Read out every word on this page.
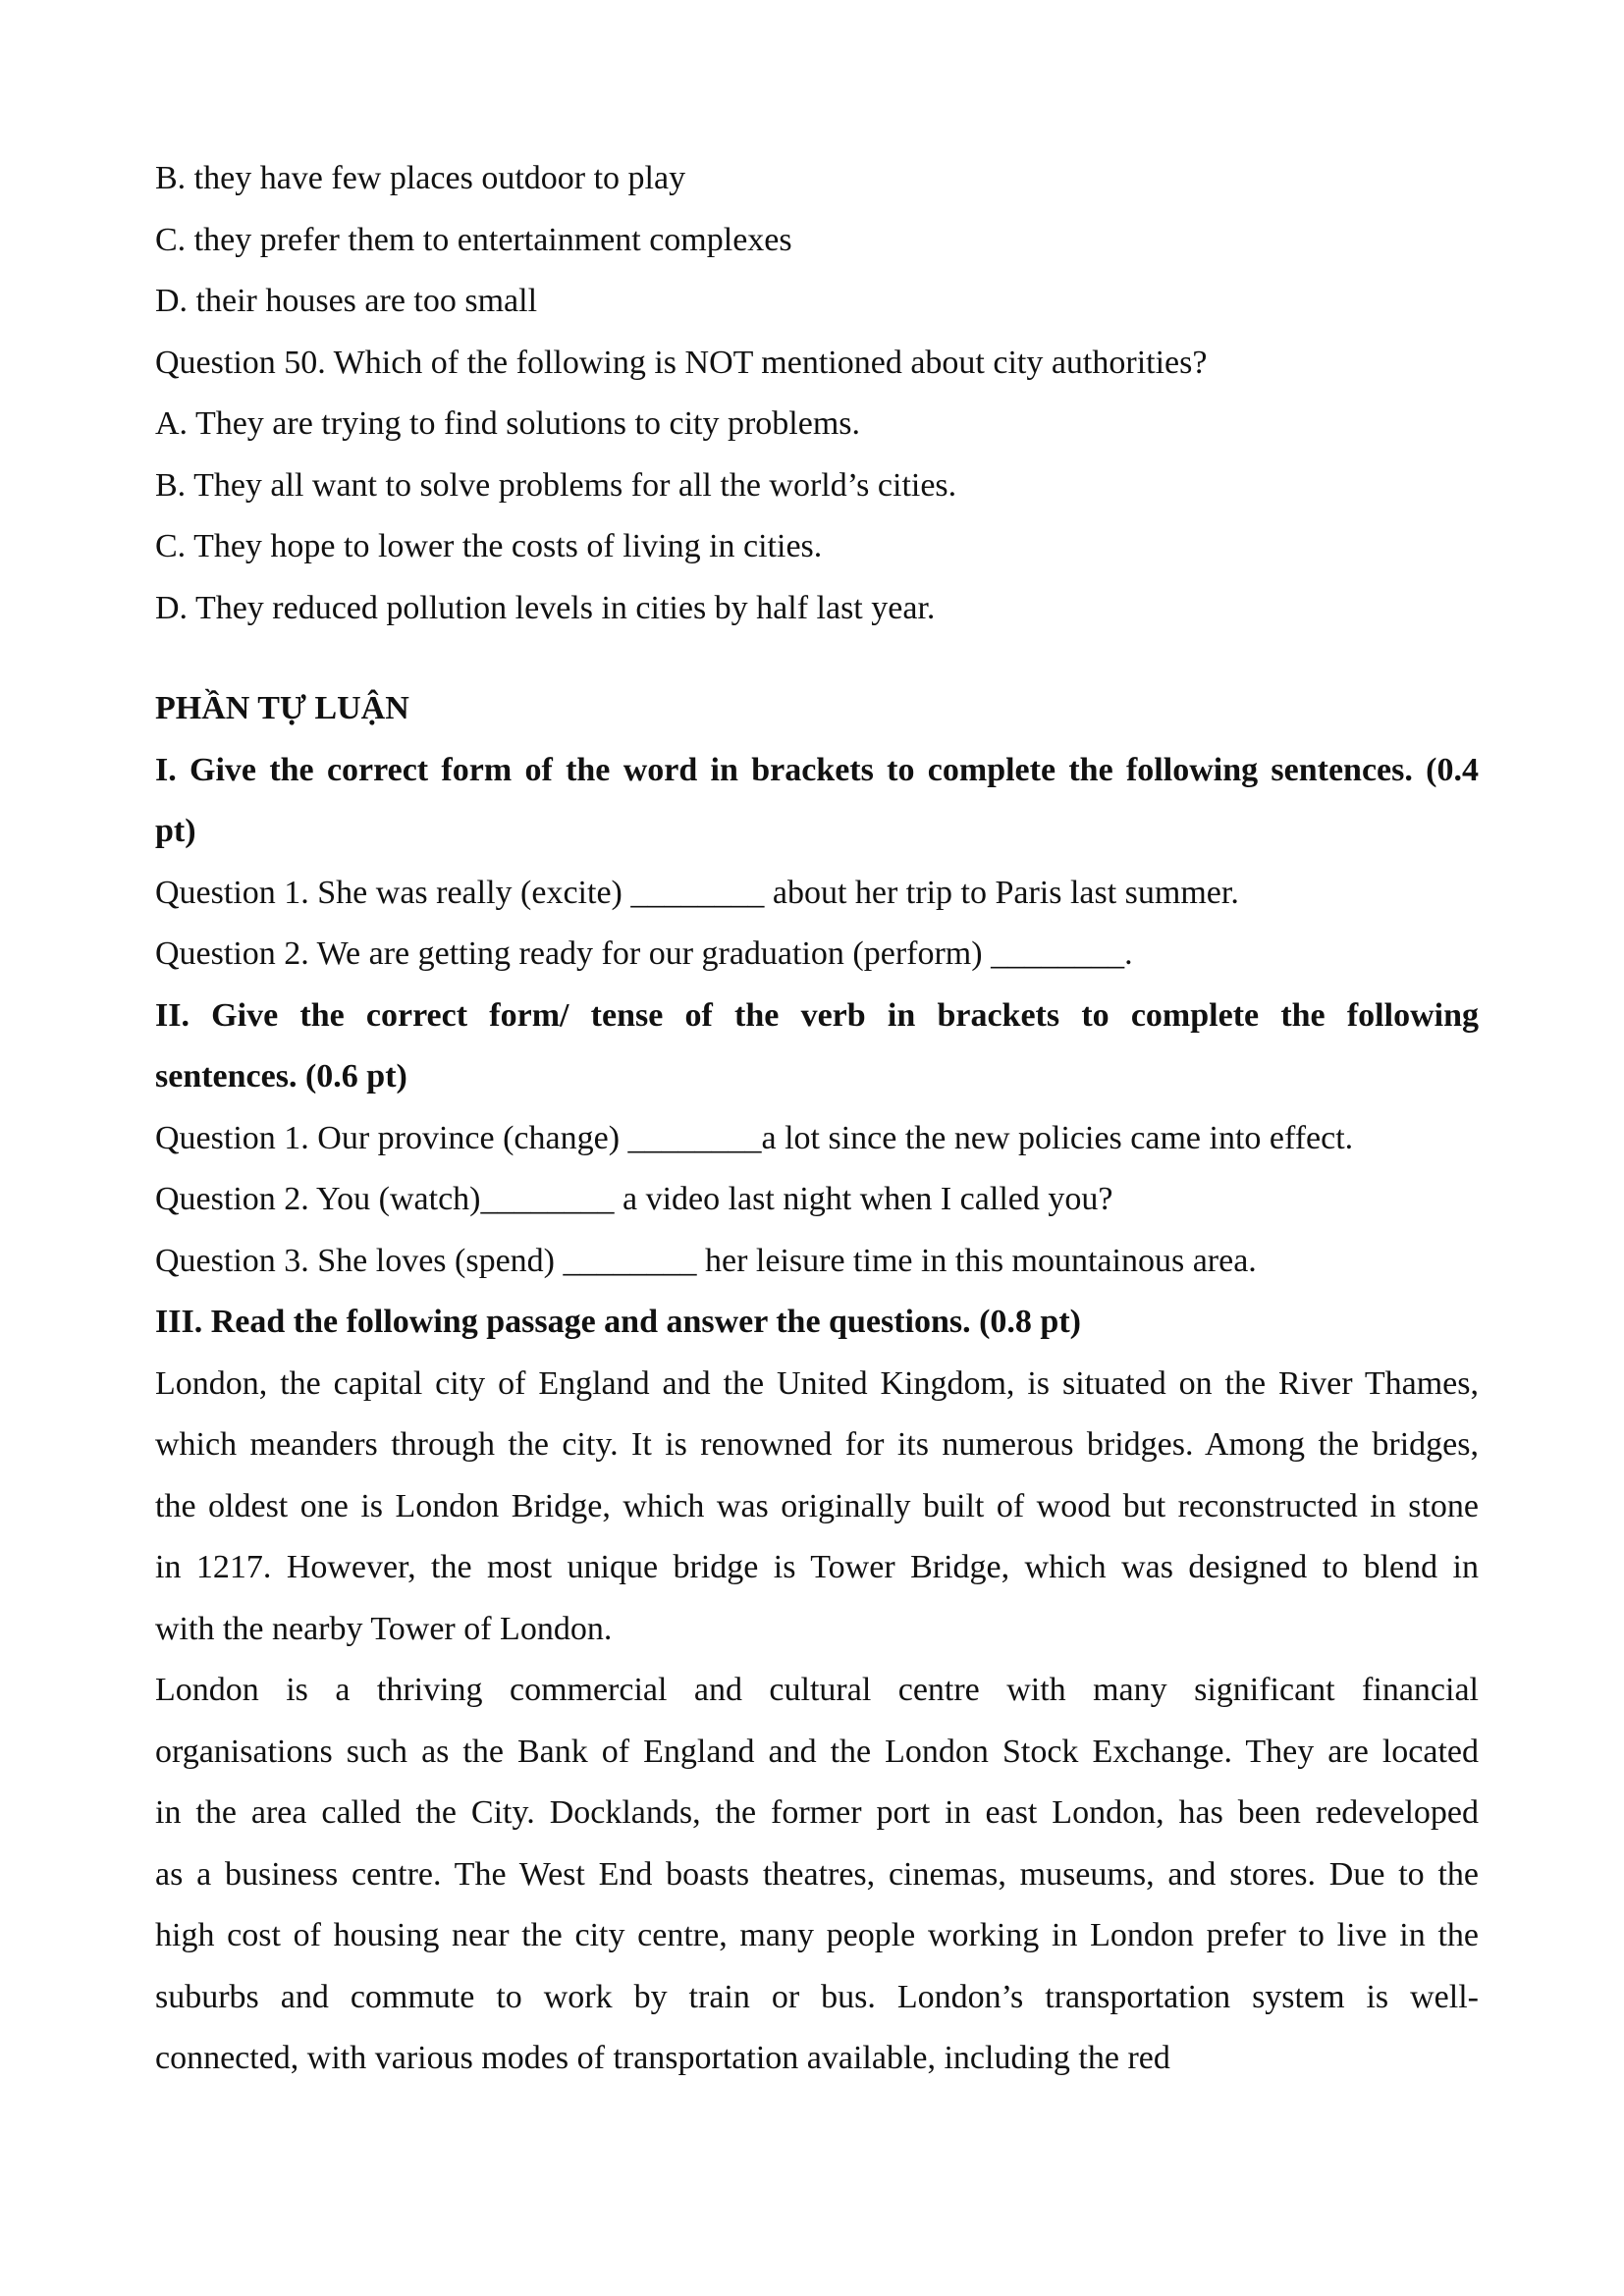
B. they have few places outdoor to play
C. they prefer them to entertainment complexes
D. their houses are too small
Question 50. Which of the following is NOT mentioned about city authorities?
A. They are trying to find solutions to city problems.
B. They all want to solve problems for all the world’s cities.
C. They hope to lower the costs of living in cities.
D. They reduced pollution levels in cities by half last year.
PHẦN TỰ LUẬN
I. Give the correct form of the word in brackets to complete the following sentences. (0.4
pt)
Question 1. She was really (excite) ________ about her trip to Paris last summer.
Question 2. We are getting ready for our graduation (perform) ________.
II. Give the correct form/ tense of the verb in brackets to complete the following
sentences. (0.6 pt)
Question 1. Our province (change) ________a lot since the new policies came into effect.
Question 2. You (watch)________ a video last night when I called you?
Question 3. She loves (spend) ________ her leisure time in this mountainous area.
III. Read the following passage and answer the questions. (0.8 pt)
London, the capital city of England and the United Kingdom, is situated on the River Thames,
which meanders through the city. It is renowned for its numerous bridges. Among the bridges,
the oldest one is London Bridge, which was originally built of wood but reconstructed in stone
in 1217. However, the most unique bridge is Tower Bridge, which was designed to blend in
with the nearby Tower of London.
London is a thriving commercial and cultural centre with many significant financial
organisations such as the Bank of England and the London Stock Exchange. They are located
in the area called the City. Docklands, the former port in east London, has been redeveloped
as a business centre. The West End boasts theatres, cinemas, museums, and stores. Due to the
high cost of housing near the city centre, many people working in London prefer to live in the
suburbs and commute to work by train or bus. London’s transportation system is well-
connected, with various modes of transportation available, including the red
